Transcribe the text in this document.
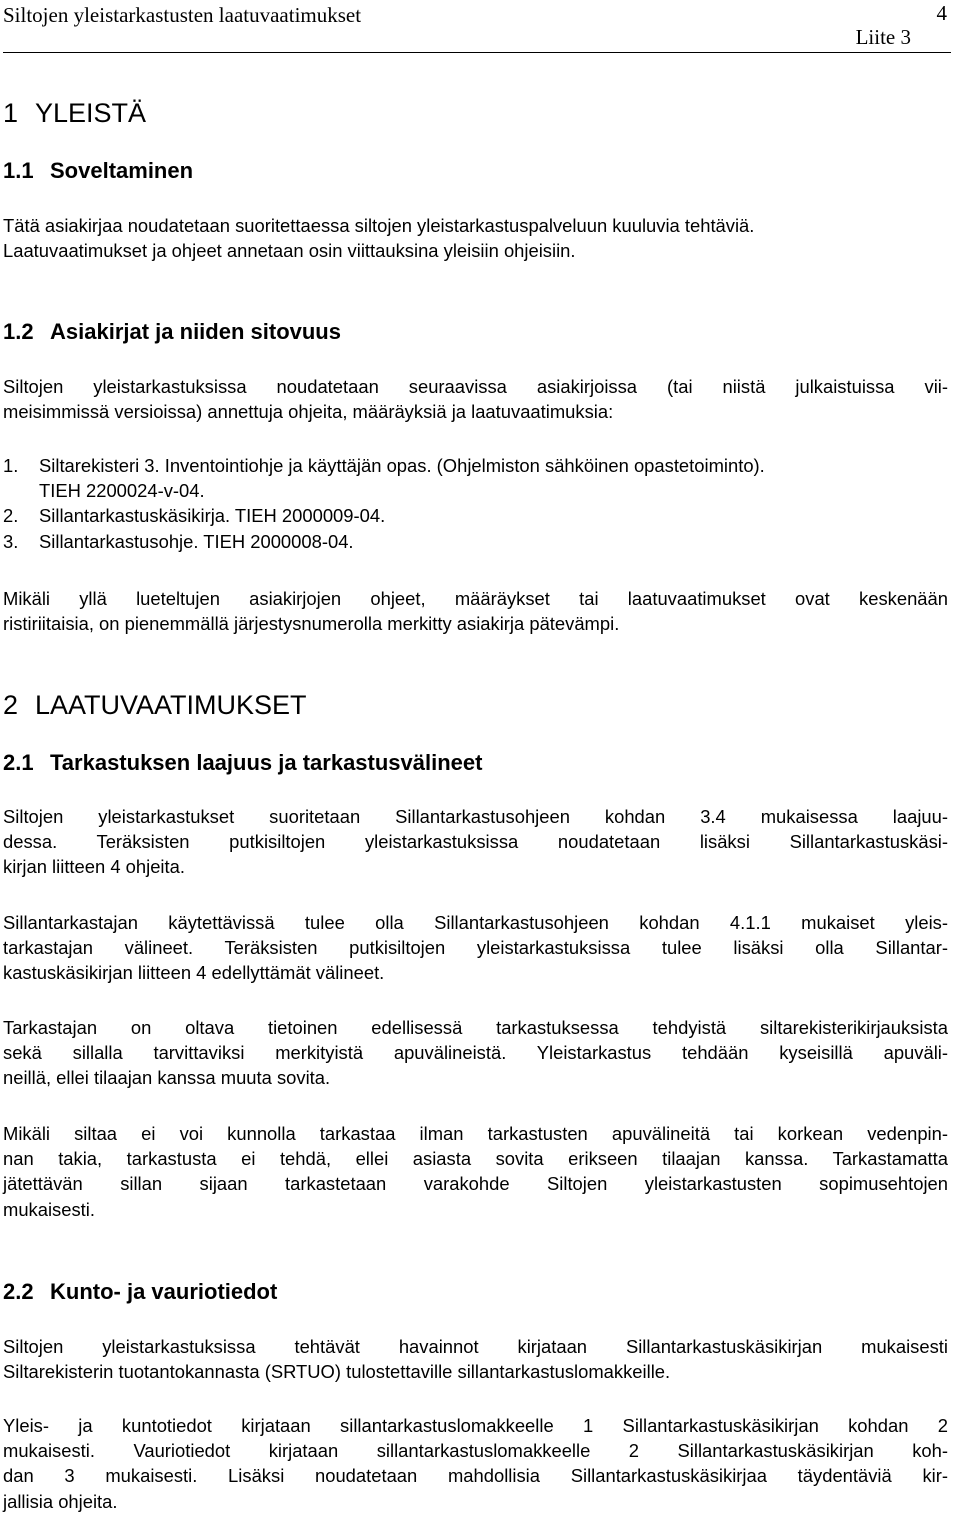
Siltojen yleistarkastusten laatuvaatimukset	4
Liite 3
1 YLEISTÄ
1.1 Soveltaminen
Tätä asiakirjaa noudatetaan suoritettaessa siltojen yleistarkastuspalveluun kuuluvia tehtäviä.
Laatuvaatimukset ja ohjeet annetaan osin viittauksina yleisiin ohjeisiin.
1.2 Asiakirjat ja niiden sitovuus
Siltojen yleistarkastuksissa noudatetaan seuraavissa asiakirjoissa (tai niistä julkaistuissa vii-
meisimmissä versioissa) annettuja ohjeita, määräyksiä ja laatuvaatimuksia:
1. Siltarekisteri 3. Inventointiohje ja käyttäjän opas. (Ohjelmiston sähköinen opastetoiminto).
TIEH 2200024-v-04.
2. Sillantarkastuskäsikirja. TIEH 2000009-04.
3. Sillantarkastusohje. TIEH 2000008-04.
Mikäli yllä lueteltujen asiakirjojen ohjeet, määräykset tai laatuvaatimukset ovat keskenään
ristiriitaisia, on pienemmällä järjestysnumerolla merkitty asiakirja pätevämpi.
2 LAATUVAATIMUKSET
2.1 Tarkastuksen laajuus ja tarkastusvälineet
Siltojen yleistarkastukset suoritetaan Sillantarkastusohjeen kohdan 3.4 mukaisessa laajuu-
dessa. Teräksisten putkisiltojen yleistarkastuksissa noudatetaan lisäksi Sillantarkastuskäsi-
kirjan liitteen 4 ohjeita.
Sillantarkastajan käytettävissä tulee olla Sillantarkastusohjeen kohdan 4.1.1 mukaiset yleis-
tarkastajan välineet. Teräksisten putkisiltojen yleistarkastuksissa tulee lisäksi olla Sillantar-
kastuskäsikirjan liitteen 4 edellyttämät välineet.
Tarkastajan on oltava tietoinen edellisessä tarkastuksessa tehdyistä siltarekisterikirjauksista
sekä sillalla tarvittaviksi merkityistä apuvälineistä. Yleistarkastus tehdään kyseisillä apuväli-
neillä, ellei tilaajan kanssa muuta sovita.
Mikäli siltaa ei voi kunnolla tarkastaa ilman tarkastusten apuvälineitä tai korkean vedenpin-
nan takia, tarkastusta ei tehdä, ellei asiasta sovita erikseen tilaajan kanssa. Tarkastamatta
jätettävän sillan sijaan tarkastetaan varakohde Siltojen yleistarkastusten sopimusehtojen
mukaisesti.
2.2 Kunto- ja vauriotiedot
Siltojen yleistarkastuksissa tehtävät havainnot kirjataan Sillantarkastuskäsikirjan mukaisesti
Siltarekisterin tuotantokannasta (SRTUO) tulostettaville sillantarkastuslomakkeille.
Yleis- ja kuntotiedot kirjataan sillantarkastuslomakkeelle 1 Sillantarkastuskäsikirjan kohdan 2
mukaisesti. Vauriotiedot kirjataan sillantarkastuslomakkeelle 2 Sillantarkastuskäsikirjan koh-
dan 3 mukaisesti. Lisäksi noudatetaan mahdollisia Sillantarkastuskäsikirjaa täydentäviä kir-
jallisia ohjeita.
